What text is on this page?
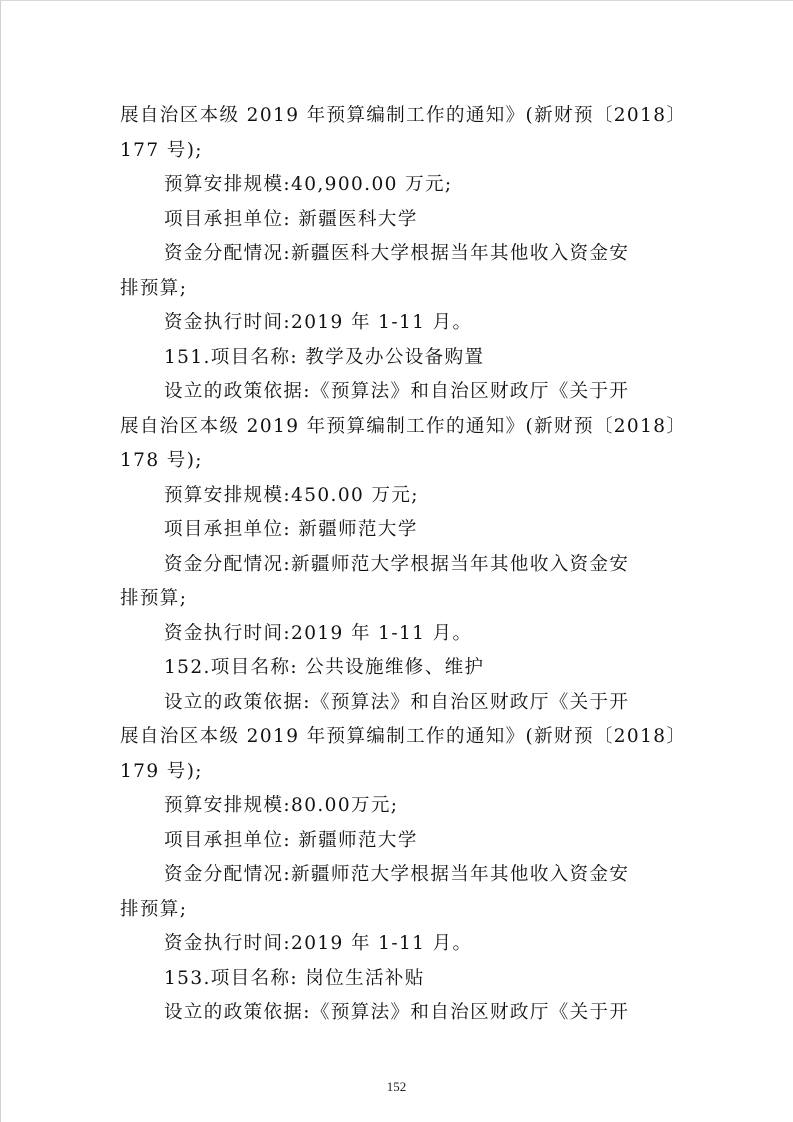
展自治区本级 2019 年预算编制工作的通知》(新财预〔2018〕
177 号);
预算安排规模:40,900.00 万元;
项目承担单位: 新疆医科大学
资金分配情况:新疆医科大学根据当年其他收入资金安
排预算;
资金执行时间:2019 年 1-11 月。
151.项目名称: 教学及办公设备购置
设立的政策依据:《预算法》和自治区财政厅《关于开
展自治区本级 2019 年预算编制工作的通知》(新财预〔2018〕
178 号);
预算安排规模:450.00 万元;
项目承担单位: 新疆师范大学
资金分配情况:新疆师范大学根据当年其他收入资金安
排预算;
资金执行时间:2019 年 1-11 月。
152.项目名称: 公共设施维修、维护
设立的政策依据:《预算法》和自治区财政厅《关于开
展自治区本级 2019 年预算编制工作的通知》(新财预〔2018〕
179 号);
预算安排规模:80.00万元;
项目承担单位: 新疆师范大学
资金分配情况:新疆师范大学根据当年其他收入资金安
排预算;
资金执行时间:2019 年 1-11 月。
153.项目名称: 岗位生活补贴
设立的政策依据:《预算法》和自治区财政厅《关于开
152
